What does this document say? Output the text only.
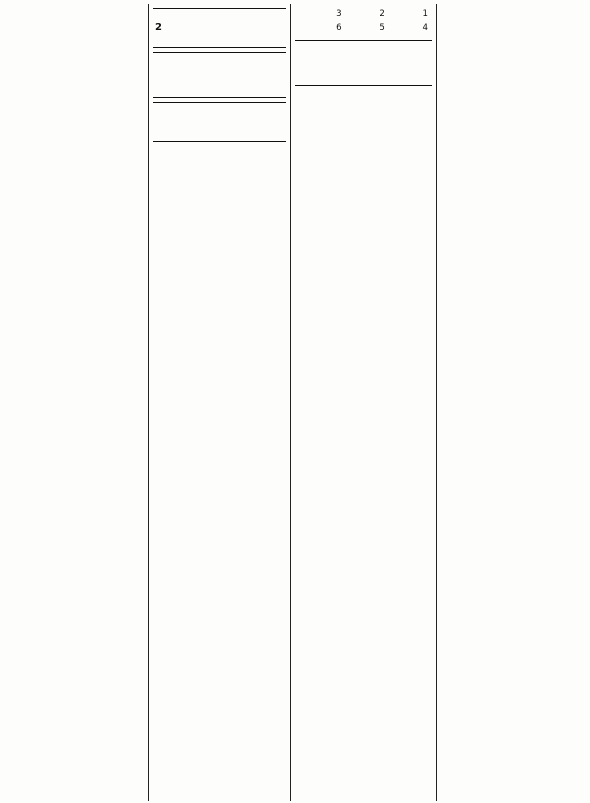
1
2
3
4
5
6
2
